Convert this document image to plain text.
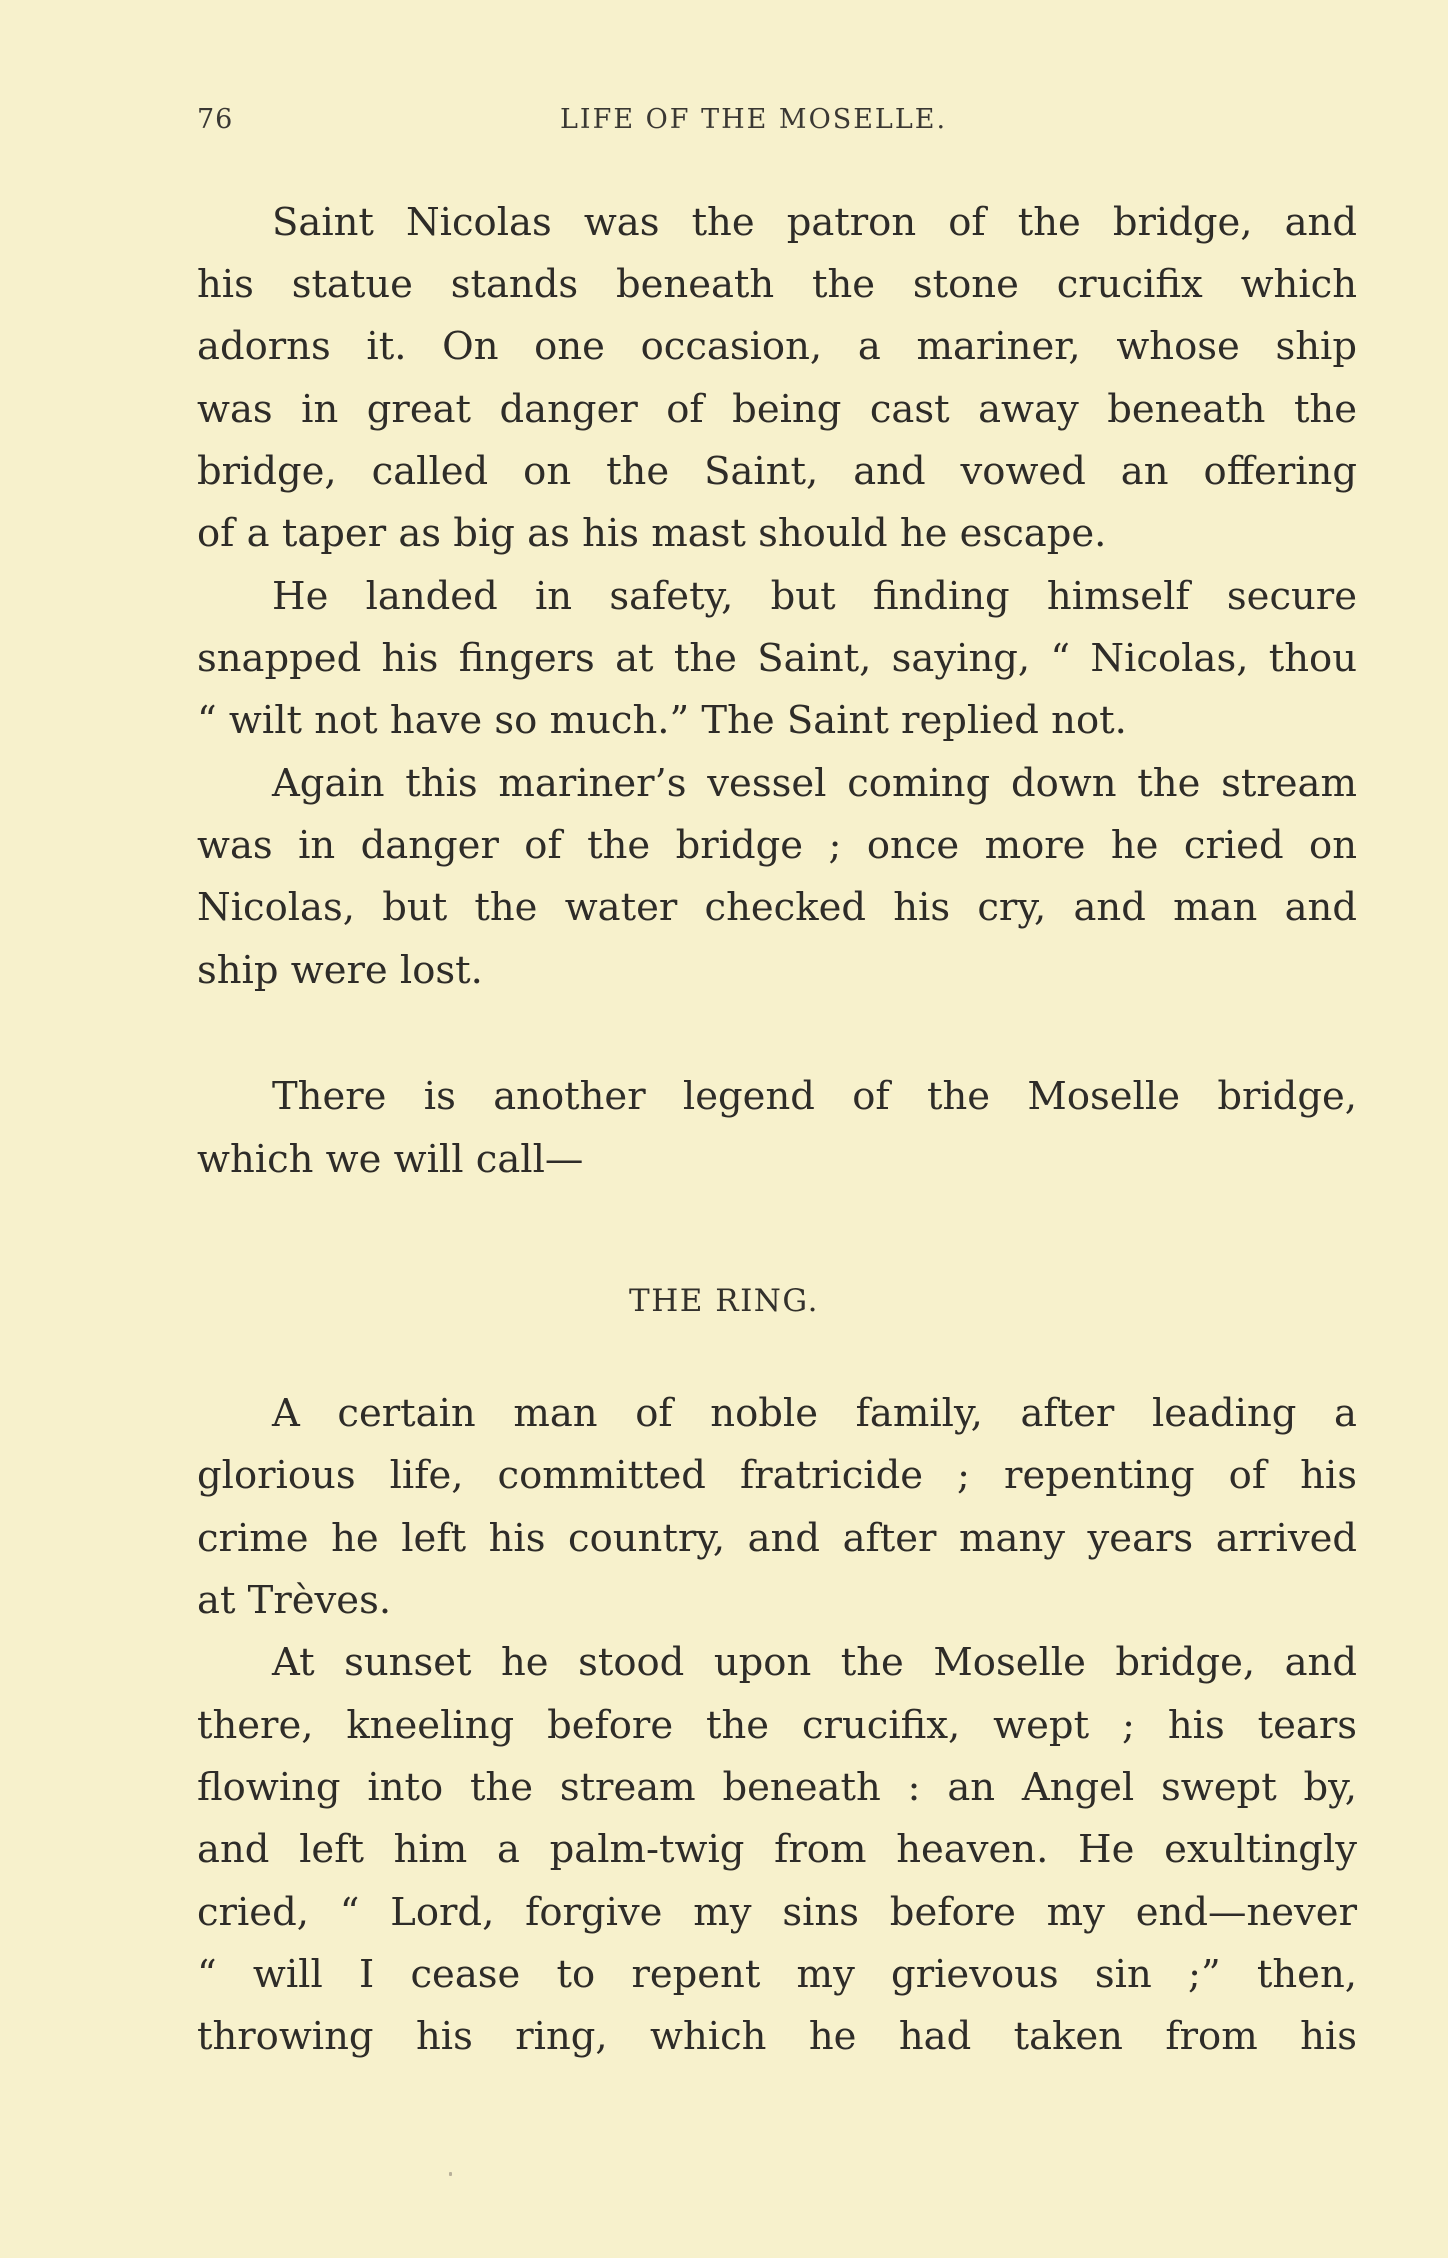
76	LIFE OF THE MOSELLE.
Saint Nicolas was the patron of the bridge, and
his statue stands beneath the stone crucifix which
adorns it. On one occasion, a mariner, whose ship
was in great danger of being cast away beneath the
bridge, called on the Saint, and vowed an offering
of a taper as big as his mast should he escape.
He landed in safety, but finding himself secure
snapped his fingers at the Saint, saying, “ Nicolas, thou
“ wilt not have so much.” The Saint replied not.
Again this mariner’s vessel coming down the stream
was in danger of the bridge ; once more he cried on
Nicolas, but the water checked his cry, and man and
ship were lost.
There is another legend of the Moselle bridge,
which we will call—
THE RING.
A certain man of noble family, after leading a
glorious life, committed fratricide ; repenting of his
crime he left his country, and after many years arrived
at Trèves.
At sunset he stood upon the Moselle bridge, and
there, kneeling before the crucifix, wept ; his tears
flowing into the stream beneath : an Angel swept by,
and left him a palm-twig from heaven. He exultingly
cried, “ Lord, forgive my sins before my end—never
“ will I cease to repent my grievous sin ;” then,
throwing his ring, which he had taken from his
